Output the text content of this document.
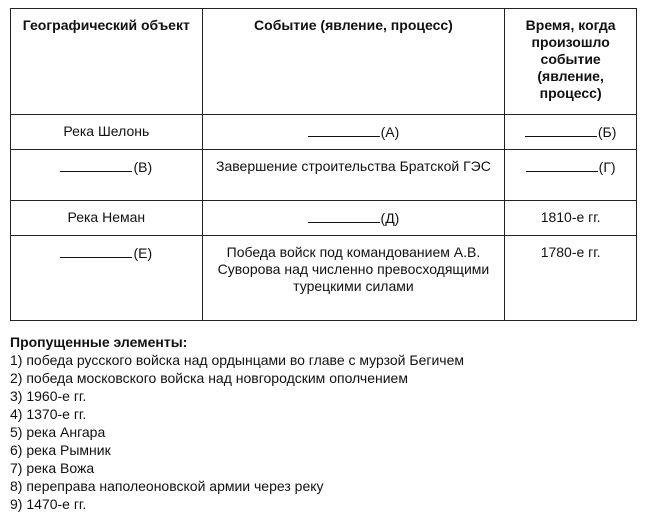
Географический объект	Событие (явление, процесс)	Время, когда произошло событие (явление, процесс)
Река Шелонь	(А)	(Б)
(В)	Завершение строительства Братской ГЭС	(Г)
Река Неман	(Д)	1810-е гг.
(Е)	Победа войск под командованием А.В. Суворова над численно превосходящими турецкими силами	1780-е гг.

Пропущенные элементы:

1) победа русского войска над ордынцами во главе с мурзой Бегичем
2) победа московского войска над новгородским ополчением
3) 1960-е гг.
4) 1370-е гг.
5) река Ангара
6) река Рымник
7) река Вожа
8) переправа наполеоновской армии через реку
9) 1470-е гг.
